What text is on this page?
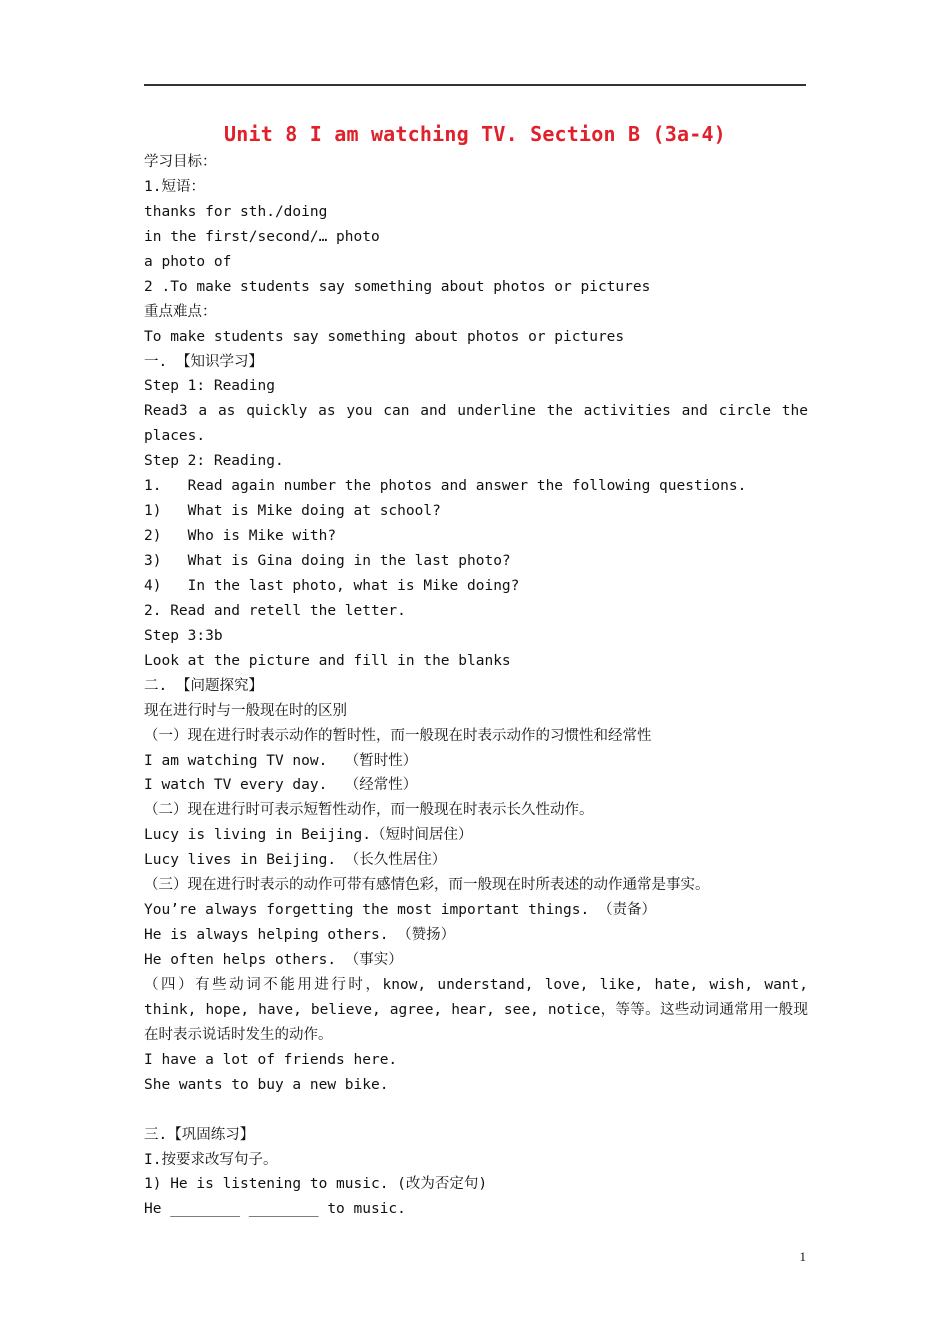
Unit 8 I am watching TV. Section B (3a-4)
学习目标：
1.短语：
thanks for sth./doing
in the first/second/… photo
a photo of
2 .To make students say something about photos or pictures
重点难点：
To make students say something about photos or pictures
一. 【知识学习】
Step 1: Reading
Read3 a as quickly as you can and underline the activities and circle the
places.
Step 2: Reading.
1.   Read again number the photos and answer the following questions.
1)   What is Mike doing at school?
2)   Who is Mike with?
3)   What is Gina doing in the last photo?
4)   In the last photo, what is Mike doing?
2. Read and retell the letter.
Step 3:3b
Look at the picture and fill in the blanks
二. 【问题探究】
现在进行时与一般现在时的区别
（一）现在进行时表示动作的暂时性，而一般现在时表示动作的习惯性和经常性
I am watching TV now.  （暂时性）
I watch TV every day.  （经常性）
（二）现在进行时可表示短暂性动作，而一般现在时表示长久性动作。
Lucy is living in Beijing.（短时间居住）
Lucy lives in Beijing. （长久性居住）
（三）现在进行时表示的动作可带有感情色彩，而一般现在时所表述的动作通常是事实。
You’re always forgetting the most important things. （责备）
He is always helping others. （赞扬）
He often helps others. （事实）
（四）有些动词不能用进行时，know, understand, love, like, hate, wish, want,
think, hope, have, believe, agree, hear, see, notice，等等。这些动词通常用一般现
在时表示说话时发生的动作。
I have a lot of friends here.
She wants to buy a new bike.
三.【巩固练习】
I.按要求改写句子。
1) He is listening to music. (改为否定句)
He ________ ________ to music.
1
